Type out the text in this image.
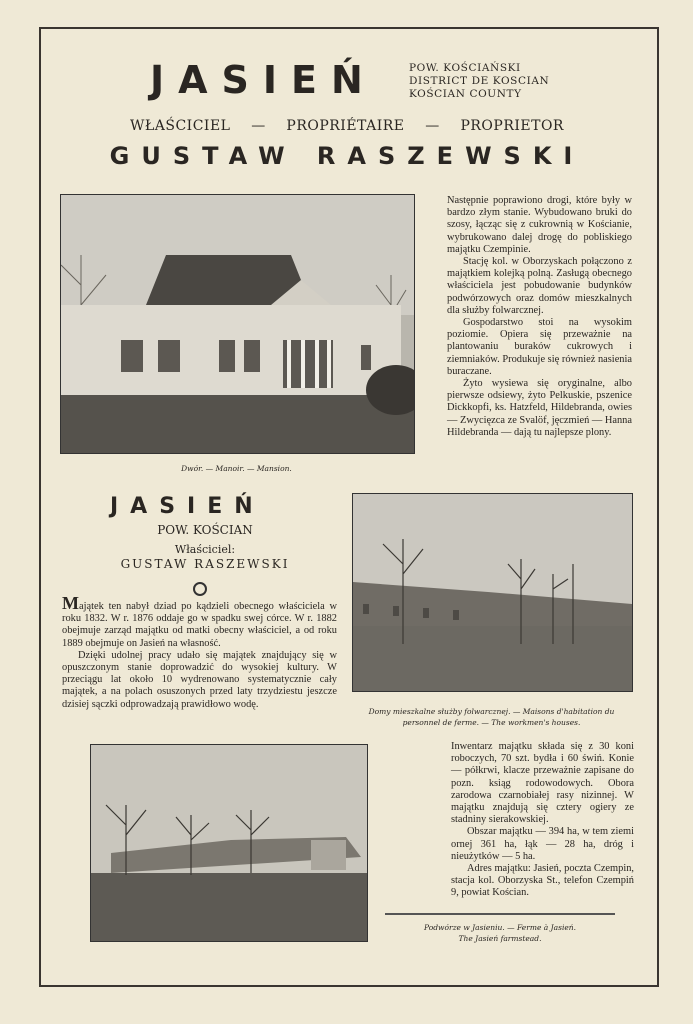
JASIEŃ	POW. KOŚCIAŃSKI
DISTRICT DE KOSCIAN
KOŚCIAN COUNTY
WŁAŚCICIEL — PROPRIÉTAIRE — PROPRIETOR
GUSTAW RASZEWSKI
Dwór. — Manoir. — Mansion.

Następnie poprawiono drogi, które były w bardzo złym stanie. Wybudowano bruki do szosy, łącząc się z cukrownią w Kościanie, wybrukowano dalej drogę do pobliskiego majątku Czempinie.

Stację kol. w Oborzyskach połączono z majątkiem kolejką polną. Zasługą obecnego właściciela jest pobudowanie budynków podwórzowych oraz domów mieszkalnych dla służby folwarcznej.

Gospodarstwo stoi na wysokim poziomie. Opiera się przeważnie na plantowaniu buraków cukrowych i ziemniaków. Produkuje się również nasienia buraczane.

Żyto wysiewa się oryginalne, albo pierwsze odsiewy, żyto Pelkuskie, pszenice Dickkopfi, ks. Hatzfeld, Hildebranda, owies — Zwycięzca ze Svalöf, jęczmień — Hanna Hildebranda — dają tu najlepsze plony.

JASIEŃ
POW. KOŚCIAN
Właściciel:
GUSTAW RASZEWSKI

Majątek ten nabył dziad po kądzieli obecnego właściciela w roku 1832. W r. 1876 oddaje go w spadku swej córce. W r. 1882 obejmuje zarząd majątku od matki obecny właściciel, a od roku 1889 obejmuje on Jasień na własność.

Dzięki udolnej pracy udało się majątek znajdujący się w opuszczonym stanie doprowadzić do wysokiej kultury. W przeciągu lat około 10 wydrenowano systematycznie cały majątek, a na polach osuszonych przed laty trzydziestu jeszcze dzisiej sączki odprowadzają prawidłowo wodę.

Domy mieszkalne służby folwarcznej. — Maisons d'habitation du
personnel de ferme. — The workmen's houses.

Inwentarz majątku składa się z 30 koni roboczych, 70 szt. bydła i 60 świń. Konie — półkrwi, klacze przeważnie zapisane do pozn. ksiąg rodowodowych. Obora zarodowa czarnobiałej rasy nizinnej. W majątku znajdują się cztery ogiery ze stadniny sierakowskiej.

Obszar majątku — 394 ha, w tem ziemi ornej 361 ha, łąk — 28 ha, dróg i nieużytków — 5 ha.

Adres majątku: Jasień, poczta Czempin, stacja kol. Oborzyska St., telefon Czempiń 9, powiat Kościan.

Podwórze w Jasieniu. — Ferme à Jasień.
The Jasień farmstead.
